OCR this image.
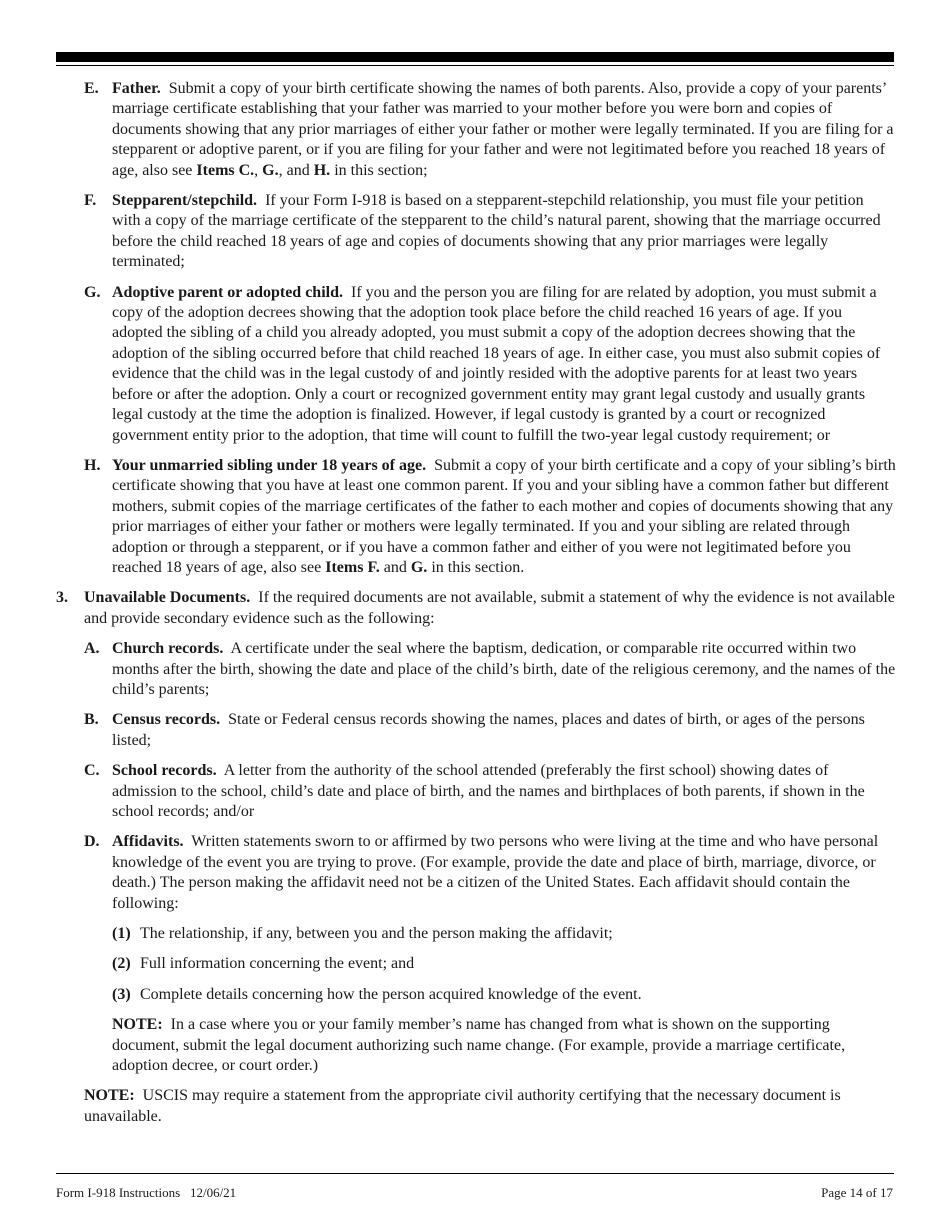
E. Father. Submit a copy of your birth certificate showing the names of both parents. Also, provide a copy of your parents’ marriage certificate establishing that your father was married to your mother before you were born and copies of documents showing that any prior marriages of either your father or mother were legally terminated. If you are filing for a stepparent or adoptive parent, or if you are filing for your father and were not legitimated before you reached 18 years of age, also see Items C., G., and H. in this section;
F. Stepparent/stepchild. If your Form I-918 is based on a stepparent-stepchild relationship, you must file your petition with a copy of the marriage certificate of the stepparent to the child’s natural parent, showing that the marriage occurred before the child reached 18 years of age and copies of documents showing that any prior marriages were legally terminated;
G. Adoptive parent or adopted child. If you and the person you are filing for are related by adoption, you must submit a copy of the adoption decrees showing that the adoption took place before the child reached 16 years of age. If you adopted the sibling of a child you already adopted, you must submit a copy of the adoption decrees showing that the adoption of the sibling occurred before that child reached 18 years of age. In either case, you must also submit copies of evidence that the child was in the legal custody of and jointly resided with the adoptive parents for at least two years before or after the adoption. Only a court or recognized government entity may grant legal custody and usually grants legal custody at the time the adoption is finalized. However, if legal custody is granted by a court or recognized government entity prior to the adoption, that time will count to fulfill the two-year legal custody requirement; or
H. Your unmarried sibling under 18 years of age. Submit a copy of your birth certificate and a copy of your sibling’s birth certificate showing that you have at least one common parent. If you and your sibling have a common father but different mothers, submit copies of the marriage certificates of the father to each mother and copies of documents showing that any prior marriages of either your father or mothers were legally terminated. If you and your sibling are related through adoption or through a stepparent, or if you have a common father and either of you were not legitimated before you reached 18 years of age, also see Items F. and G. in this section.
3. Unavailable Documents. If the required documents are not available, submit a statement of why the evidence is not available and provide secondary evidence such as the following:
A. Church records. A certificate under the seal where the baptism, dedication, or comparable rite occurred within two months after the birth, showing the date and place of the child’s birth, date of the religious ceremony, and the names of the child’s parents;
B. Census records. State or Federal census records showing the names, places and dates of birth, or ages of the persons listed;
C. School records. A letter from the authority of the school attended (preferably the first school) showing dates of admission to the school, child’s date and place of birth, and the names and birthplaces of both parents, if shown in the school records; and/or
D. Affidavits. Written statements sworn to or affirmed by two persons who were living at the time and who have personal knowledge of the event you are trying to prove. (For example, provide the date and place of birth, marriage, divorce, or death.) The person making the affidavit need not be a citizen of the United States. Each affidavit should contain the following:
(1) The relationship, if any, between you and the person making the affidavit;
(2) Full information concerning the event; and
(3) Complete details concerning how the person acquired knowledge of the event.
NOTE: In a case where you or your family member’s name has changed from what is shown on the supporting document, submit the legal document authorizing such name change. (For example, provide a marriage certificate, adoption decree, or court order.)
NOTE: USCIS may require a statement from the appropriate civil authority certifying that the necessary document is unavailable.
Form I-918 Instructions   12/06/21	Page 14 of 17
